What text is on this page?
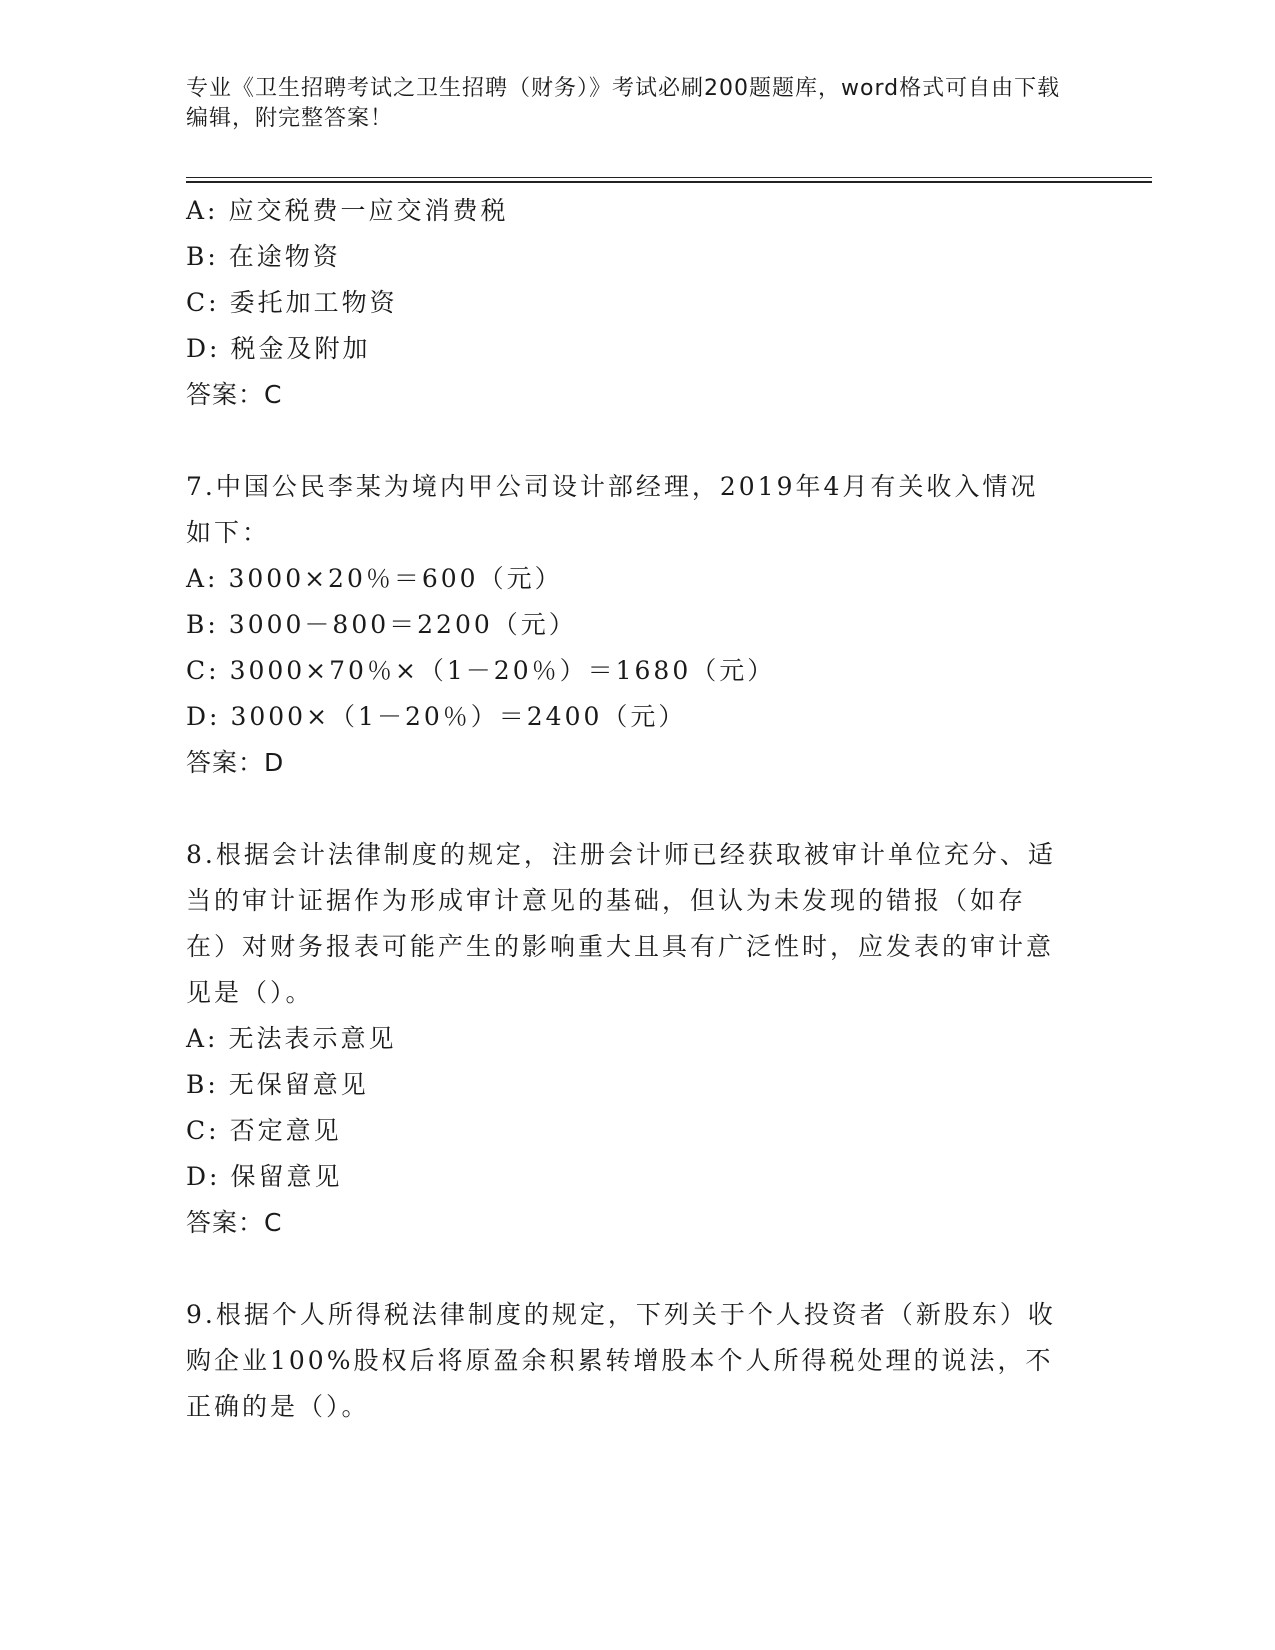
专业《卫生招聘考试之卫生招聘（财务）》考试必刷200题题库，word格式可自由下载编辑，附完整答案！
A: 应交税费一应交消费税
B: 在途物资
C: 委托加工物资
D: 税金及附加
答案：C
7.中国公民李某为境内甲公司设计部经理，2019年4月有关收入情况如下：
A: 3000×20％＝600（元）
B: 3000－800＝2200（元）
C: 3000×70％×（1－20％）＝1680（元）
D: 3000×（1－20％）＝2400（元）
答案：D
8.根据会计法律制度的规定，注册会计师已经获取被审计单位充分、适当的审计证据作为形成审计意见的基础，但认为未发现的错报（如存在）对财务报表可能产生的影响重大且具有广泛性时，应发表的审计意见是（）。
A: 无法表示意见
B: 无保留意见
C: 否定意见
D: 保留意见
答案：C
9.根据个人所得税法律制度的规定，下列关于个人投资者（新股东）收购企业100%股权后将原盈余积累转增股本个人所得税处理的说法，不正确的是（）。
